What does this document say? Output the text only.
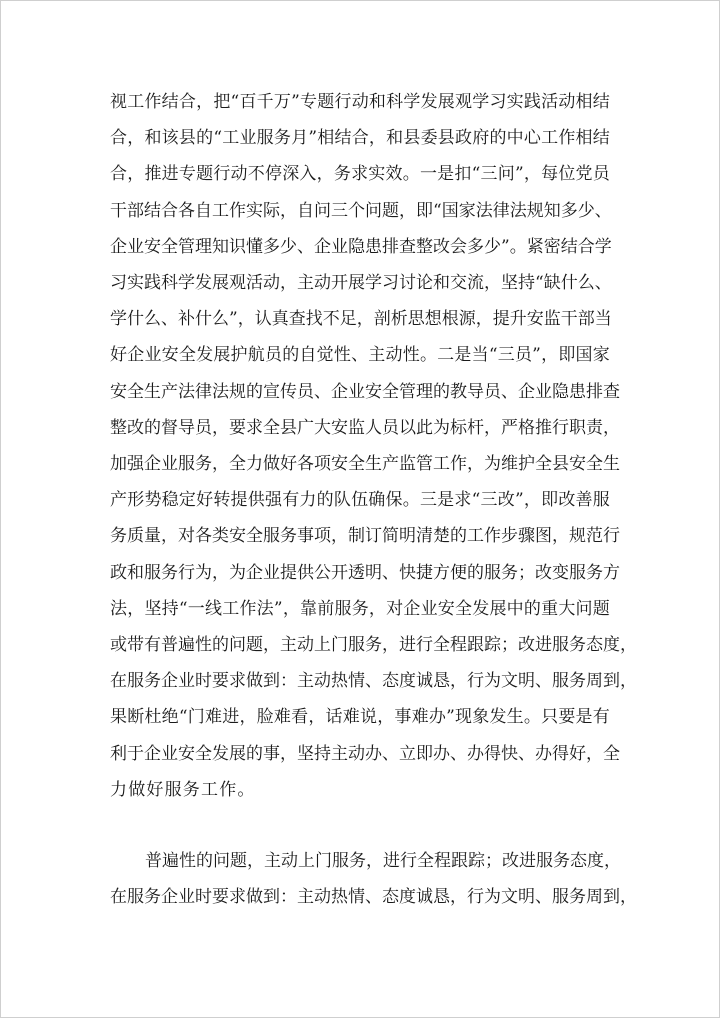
视 工 作 结 合 ， 把 “ 百 千 万 ” 专 题 行 动 和 科 学 发 展 观 学 习 实 践 活 动 相 结
合 ， 和 该 县 的 “ 工 业 服 务 月 ” 相 结 合 ， 和 县 委 县 政 府 的 中 心 工 作 相 结
合 ， 推 进 专 题 行 动 不 停 深 入 ， 务 求 实 效 。 一 是 扣 “ 三 问 ” ， 每 位 党 员
干 部 结 合 各 自 工 作 实 际 ， 自 问 三 个 问 题 ， 即 “ 国 家 法 律 法 规 知 多 少 、
企 业 安 全 管 理 知 识 懂 多 少 、 企 业 隐 患 排 查 整 改 会 多 少 ” 。 紧 密 结 合 学
习 实 践 科 学 发 展 观 活 动 ， 主 动 开 展 学 习 讨 论 和 交 流 ， 坚 持 “ 缺 什 么 、
学 什 么 、 补 什 么 ” ， 认 真 查 找 不 足 ， 剖 析 思 想 根 源 ， 提 升 安 监 干 部 当
好 企 业 安 全 发 展 护 航 员 的 自 觉 性 、 主 动 性 。 二 是 当 “ 三 员 ” ， 即 国 家
安 全 生 产 法 律 法 规 的 宣 传 员 、 企 业 安 全 管 理 的 教 导 员 、 企 业 隐 患 排 查
整 改 的 督 导 员 ， 要 求 全 县 广 大 安 监 人 员 以 此 为 标 杆 ， 严 格 推 行 职 责 ，
加 强 企 业 服 务 ， 全 力 做 好 各 项 安 全 生 产 监 管 工 作 ， 为 维 护 全 县 安 全 生
产 形 势 稳 定 好 转 提 供 强 有 力 的 队 伍 确 保 。 三 是 求 “ 三 改 ” ， 即 改 善 服
务 质 量 ， 对 各 类 安 全 服 务 事 项 ， 制 订 简 明 清 楚 的 工 作 步 骤 图 ， 规 范 行
政 和 服 务 行 为 ， 为 企 业 提 供 公 开 透 明 、 快 捷 方 便 的 服 务 ； 改 变 服 务 方
法 ， 坚 持 “ 一 线 工 作 法 ” ， 靠 前 服 务 ， 对 企 业 安 全 发 展 中 的 重 大 问 题
或 带 有 普 遍 性 的 问 题 ， 主 动 上 门 服 务 ， 进 行 全 程 跟 踪 ； 改 进 服 务 态 度 ，
在 服 务 企 业 时 要 求 做 到 ： 主 动 热 情 、 态 度 诚 恳 ， 行 为 文 明 、 服 务 周 到 ，
果 断 杜 绝 “ 门 难 进 ， 脸 难 看 ， 话 难 说 ， 事 难 办 ” 现 象 发 生 。 只 要 是 有
利 于 企 业 安 全 发 展 的 事 ， 坚 持 主 动 办 、 立 即 办 、 办 得 快 、 办 得 好 ， 全
力做好服务工作。
普 遍 性 的 问 题 ， 主 动 上 门 服 务 ， 进 行 全 程 跟 踪 ； 改 进 服 务 态 度 ，
在 服 务 企 业 时 要 求 做 到 ： 主 动 热 情 、 态 度 诚 恳 ， 行 为 文 明 、 服 务 周 到 ，
